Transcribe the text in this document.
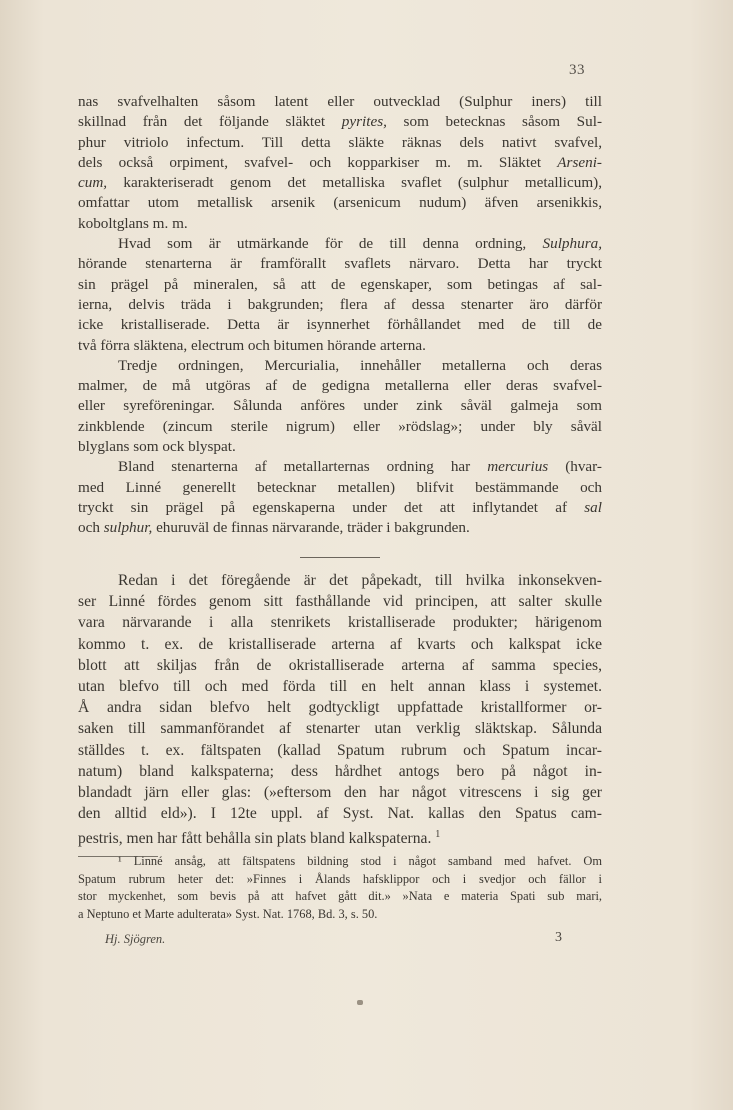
33
nas svafvelhalten såsom latent eller outvecklad (Sulphur iners) till
skillnad från det följande släktet pyrites, som betecknas såsom Sul-
phur vitriolo infectum. Till detta släkte räknas dels nativt svafvel,
dels också orpiment, svafvel- och kopparkiser m. m. Släktet Arseni-
cum, karakteriseradt genom det metalliska svaflet (sulphur metallicum),
omfattar utom metallisk arsenik (arsenicum nudum) äfven arsenikkis,
koboltglans m. m.
Hvad som är utmärkande för de till denna ordning, Sulphura,
hörande stenarterna är framförallt svaflets närvaro. Detta har tryckt
sin prägel på mineralen, så att de egenskaper, som betingas af sal-
ierna, delvis träda i bakgrunden; flera af dessa stenarter äro därför
icke kristalliserade. Detta är isynnerhet förhållandet med de till de
två förra släktena, electrum och bitumen hörande arterna.
Tredje ordningen, Mercurialia, innehåller metallerna och deras
malmer, de må utgöras af de gedigna metallerna eller deras svafvel-
eller syreföreningar. Sålunda anföres under zink såväl galmeja som
zinkblende (zincum sterile nigrum) eller »rödslag»; under bly såväl
blyglans som ock blyspat.
Bland stenarterna af metallarternas ordning har mercurius (hvar-
med Linné generellt betecknar metallen) blifvit bestämmande och
tryckt sin prägel på egenskaperna under det att inflytandet af sal
och sulphur, ehuruväl de finnas närvarande, träder i bakgrunden.
Redan i det föregående är det påpekadt, till hvilka inkonsekven-
ser Linné fördes genom sitt fasthållande vid principen, att salter skulle
vara närvarande i alla stenrikets kristalliserade produkter; härigenom
kommo t. ex. de kristalliserade arterna af kvarts och kalkspat icke
blott att skiljas från de okristalliserade arterna af samma species,
utan blefvo till och med förda till en helt annan klass i systemet.
Å andra sidan blefvo helt godtyckligt uppfattade kristallformer or-
saken till sammanförandet af stenarter utan verklig släktskap. Sålunda
ställdes t. ex. fältspaten (kallad Spatum rubrum och Spatum incar-
natum) bland kalkspaterna; dess hårdhet antogs bero på något in-
blandadt järn eller glas: (»eftersom den har något vitrescens i sig ger
den alltid eld»). I 12te uppl. af Syst. Nat. kallas den Spatus cam-
pestris, men har fått behålla sin plats bland kalkspaterna. $^1$
¹ Linné ansåg, att fältspatens bildning stod i något samband med hafvet. Om
Spatum rubrum heter det: »Finnes i Ålands hafsklippor och i svedjor och fällor i
stor myckenhet, som bevis på att hafvet gått dit.» »Nata e materia Spati sub mari,
a Neptuno et Marte adulterata» Syst. Nat. 1768, Bd. 3, s. 50.
Hj. Sjögren.	3
